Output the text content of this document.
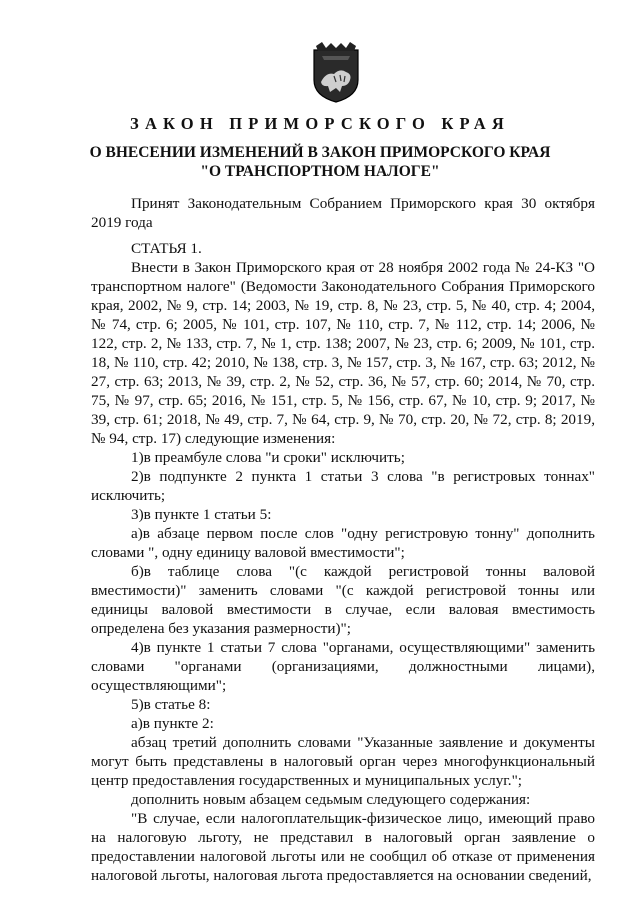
ЗАКОН ПРИМОРСКОГО КРАЯ
О ВНЕСЕНИИ ИЗМЕНЕНИЙ В ЗАКОН ПРИМОРСКОГО КРАЯ
"О ТРАНСПОРТНОМ НАЛОГЕ"
Принят Законодательным Собранием Приморского края 30 октября 2019 года

СТАТЬЯ 1.

Внести в Закон Приморского края от 28 ноября 2002 года № 24-КЗ "О транспортном налоге" (Ведомости Законодательного Собрания Приморского края, 2002, № 9, стр. 14; 2003, № 19, стр. 8, № 23, стр. 5, № 40, стр. 4; 2004, № 74, стр. 6; 2005, № 101, стр. 107, № 110, стр. 7, № 112, стр. 14; 2006, № 122, стр. 2, № 133, стр. 7, № 1, стр. 138; 2007, № 23, стр. 6; 2009, № 101, стр. 18, № 110, стр. 42; 2010, № 138, стр. 3, № 157, стр. 3, № 167, стр. 63; 2012, № 27, стр. 63; 2013, № 39, стр. 2, № 52, стр. 36, № 57, стр. 60; 2014, № 70, стр. 75, № 97, стр. 65; 2016, № 151, стр. 5, № 156, стр. 67, № 10, стр. 9; 2017, № 39, стр. 61; 2018, № 49, стр. 7, № 64, стр. 9, № 70, стр. 20, № 72, стр. 8; 2019, № 94, стр. 17) следующие изменения:

1)в преамбуле слова "и сроки" исключить;

2)в подпункте 2 пункта 1 статьи 3 слова "в регистровых тоннах" исключить;

3)в пункте 1 статьи 5:

а)в абзаце первом после слов "одну регистровую тонну" дополнить словами ", одну единицу валовой вместимости";

б)в таблице слова "(с каждой регистровой тонны валовой вместимости)" заменить словами "(с каждой регистровой тонны или единицы валовой вместимости в случае, если валовая вместимость определена без указания размерности)";

4)в пункте 1 статьи 7 слова "органами, осуществляющими" заменить словами "органами (организациями, должностными лицами), осуществляющими";

5)в статье 8:

а)в пункте 2:

абзац третий дополнить словами "Указанные заявление и документы могут быть представлены в налоговый орган через многофункциональный центр предоставления государственных и муниципальных услуг.";

дополнить новым абзацем седьмым следующего содержания:

"В случае, если налогоплательщик-физическое лицо, имеющий право на налоговую льготу, не представил в налоговый орган заявление о предоставлении налоговой льготы или не сообщил об отказе от применения налоговой льготы, налоговая льгота предоставляется на основании сведений,
